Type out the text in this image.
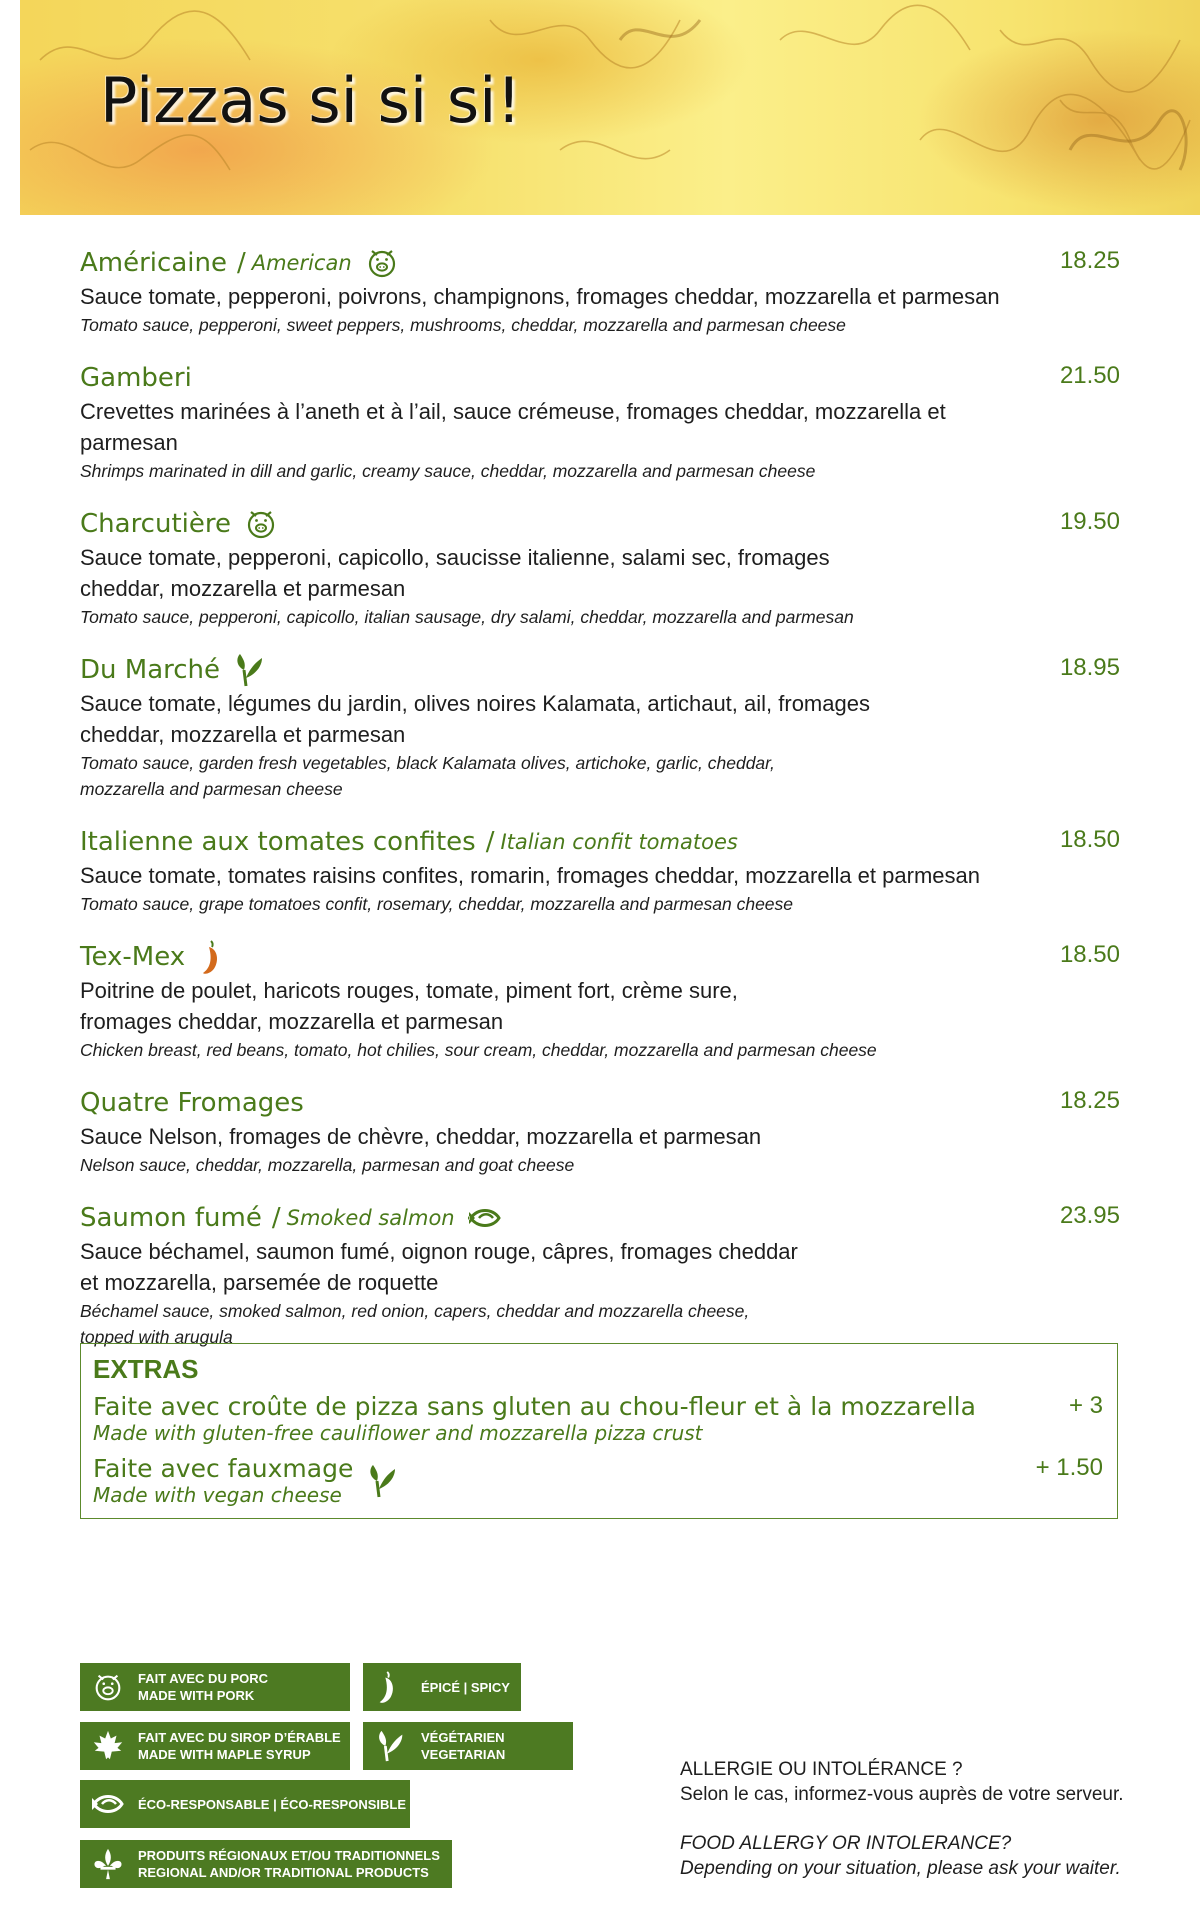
Pizzas si si si!
Américaine / American	18.25
Sauce tomate, pepperoni, poivrons, champignons, fromages cheddar, mozzarella et parmesan
Tomato sauce, pepperoni, sweet peppers, mushrooms, cheddar, mozzarella and parmesan cheese
Gamberi	21.50
Crevettes marinées à l’aneth et à l’ail, sauce crémeuse, fromages cheddar, mozzarella et parmesan
Shrimps marinated in dill and garlic, creamy sauce, cheddar, mozzarella and parmesan cheese
Charcutière	19.50
Sauce tomate, pepperoni, capicollo, saucisse italienne, salami sec, fromages cheddar, mozzarella et parmesan
Tomato sauce, pepperoni, capicollo, italian sausage, dry salami, cheddar, mozzarella and parmesan
Du Marché	18.95
Sauce tomate, légumes du jardin, olives noires Kalamata, artichaut, ail, fromages cheddar, mozzarella et parmesan
Tomato sauce, garden fresh vegetables, black Kalamata olives, artichoke, garlic, cheddar, mozzarella and parmesan cheese
Italienne aux tomates confites / Italian confit tomatoes	18.50
Sauce tomate, tomates raisins confites, romarin, fromages cheddar, mozzarella et parmesan
Tomato sauce, grape tomatoes confit, rosemary, cheddar, mozzarella and parmesan cheese
Tex-Mex	18.50
Poitrine de poulet, haricots rouges, tomate, piment fort, crème sure, fromages cheddar, mozzarella et parmesan
Chicken breast, red beans, tomato, hot chilies, sour cream, cheddar, mozzarella and parmesan cheese
Quatre Fromages	18.25
Sauce Nelson, fromages de chèvre, cheddar, mozzarella et parmesan
Nelson sauce, cheddar, mozzarella, parmesan and goat cheese
Saumon fumé / Smoked salmon	23.95
Sauce béchamel, saumon fumé, oignon rouge, câpres, fromages cheddar et mozzarella, parsemée de roquette
Béchamel sauce, smoked salmon, red onion, capers, cheddar and mozzarella cheese, topped with arugula
EXTRAS
Faite avec croûte de pizza sans gluten au chou-fleur et à la mozzarella
Made with gluten-free cauliflower and mozzarella pizza crust
+ 3
Faite avec fauxmage
Made with vegan cheese
+ 1.50
FAIT AVEC DU PORC
MADE WITH PORK
ÉPICÉ | SPICY
FAIT AVEC DU SIROP D’ÉRABLE
MADE WITH MAPLE SYRUP
VÉGÉTARIEN
VEGETARIAN
ÉCO-RESPONSABLE | ÉCO-RESPONSIBLE
PRODUITS RÉGIONAUX ET/OU TRADITIONNELS
REGIONAL AND/OR TRADITIONAL PRODUCTS

ALLERGIE OU INTOLÉRANCE ?

Selon le cas, informez-vous auprès de votre serveur.

FOOD ALLERGY OR INTOLERANCE?

Depending on your situation, please ask your waiter.
